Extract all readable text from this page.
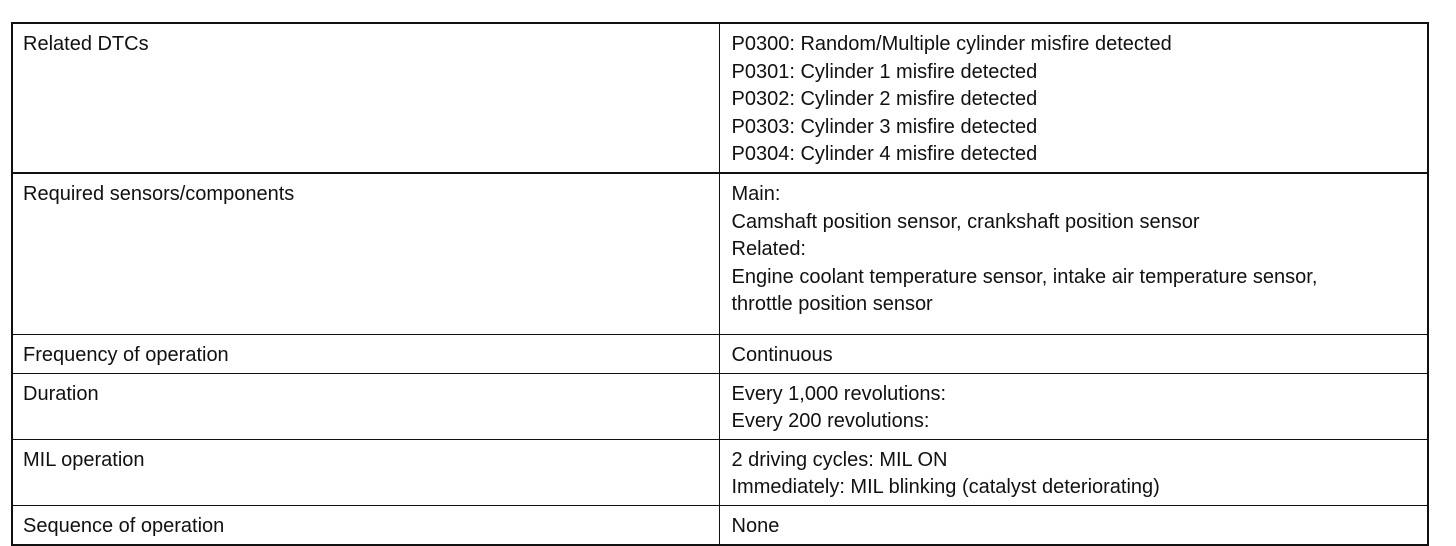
Related DTCs	P0300: Random/Multiple cylinder misfire detected
P0301: Cylinder 1 misfire detected
P0302: Cylinder 2 misfire detected
P0303: Cylinder 3 misfire detected
P0304: Cylinder 4 misfire detected

Required sensors/components	Main:
Camshaft position sensor, crankshaft position sensor
Related:
Engine coolant temperature sensor, intake air temperature sensor,
throttle position sensor

Frequency of operation	Continuous

Duration	Every 1,000 revolutions:
Every 200 revolutions:

MIL operation	2 driving cycles: MIL ON
Immediately: MIL blinking (catalyst deteriorating)

Sequence of operation	None
